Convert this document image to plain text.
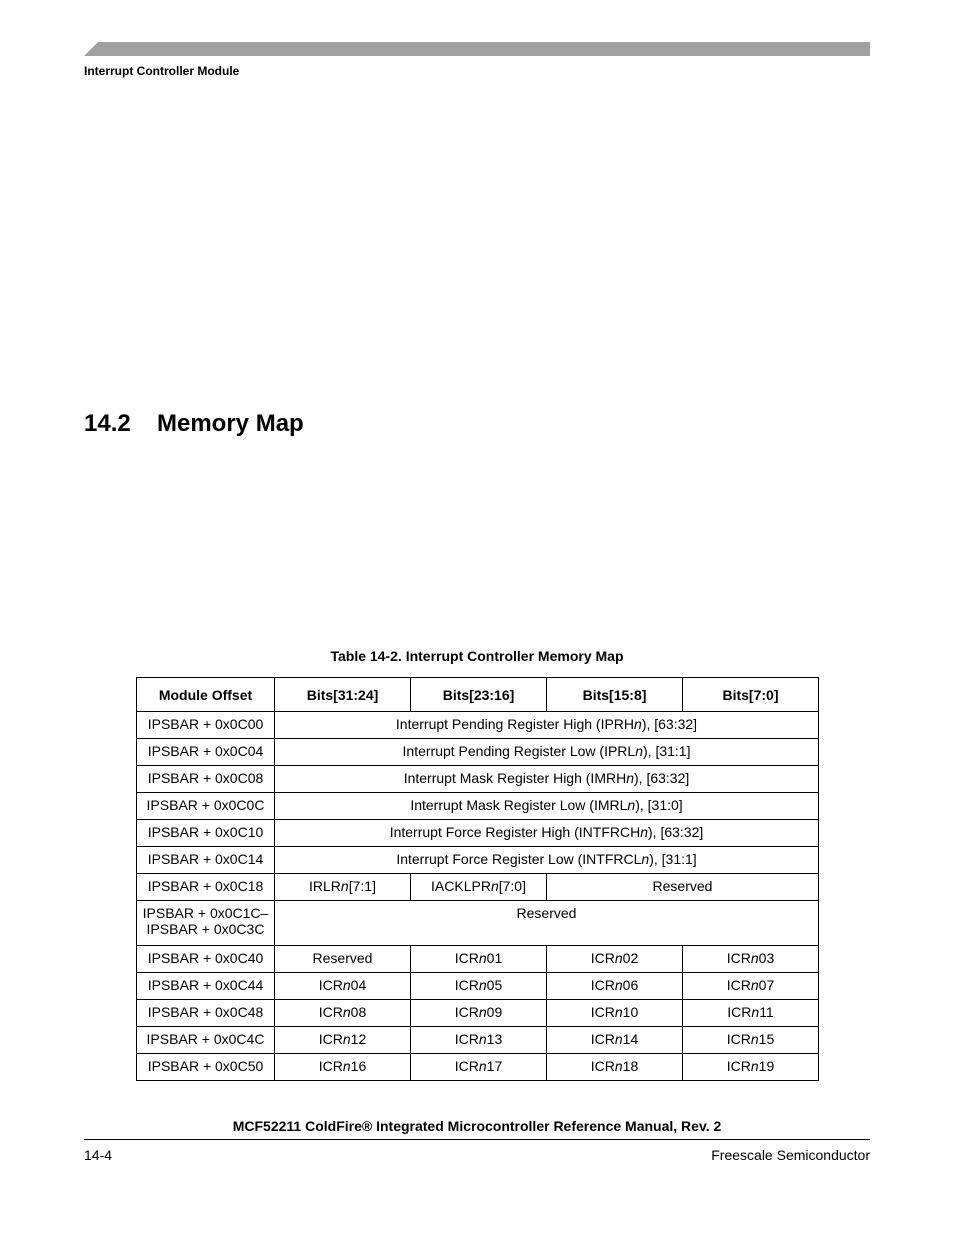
Interrupt Controller Module
14.2 Memory Map
Table 14-2. Interrupt Controller Memory Map
Module Offset	Bits[31:24]	Bits[23:16]	Bits[15:8]	Bits[7:0]
IPSBAR + 0x0C00	Interrupt Pending Register High (IPRHn), [63:32]			
IPSBAR + 0x0C04	Interrupt Pending Register Low (IPRLn), [31:1]			
IPSBAR + 0x0C08	Interrupt Mask Register High (IMRHn), [63:32]			
IPSBAR + 0x0C0C	Interrupt Mask Register Low (IMRLn), [31:0]			
IPSBAR + 0x0C10	Interrupt Force Register High (INTFRCHn), [63:32]			
IPSBAR + 0x0C14	Interrupt Force Register Low (INTFRCLn), [31:1]			
IPSBAR + 0x0C18	IRLRn[7:1]	IACKLPRn[7:0]	Reserved	
IPSBAR + 0x0C1C– IPSBAR + 0x0C3C	Reserved			
IPSBAR + 0x0C40	Reserved	ICRn01	ICRn02	ICRn03
IPSBAR + 0x0C44	ICRn04	ICRn05	ICRn06	ICRn07
IPSBAR + 0x0C48	ICRn08	ICRn09	ICRn10	ICRn11
IPSBAR + 0x0C4C	ICRn12	ICRn13	ICRn14	ICRn15
IPSBAR + 0x0C50	ICRn16	ICRn17	ICRn18	ICRn19
MCF52211 ColdFire® Integrated Microcontroller Reference Manual, Rev. 2
14-4	Freescale Semiconductor
